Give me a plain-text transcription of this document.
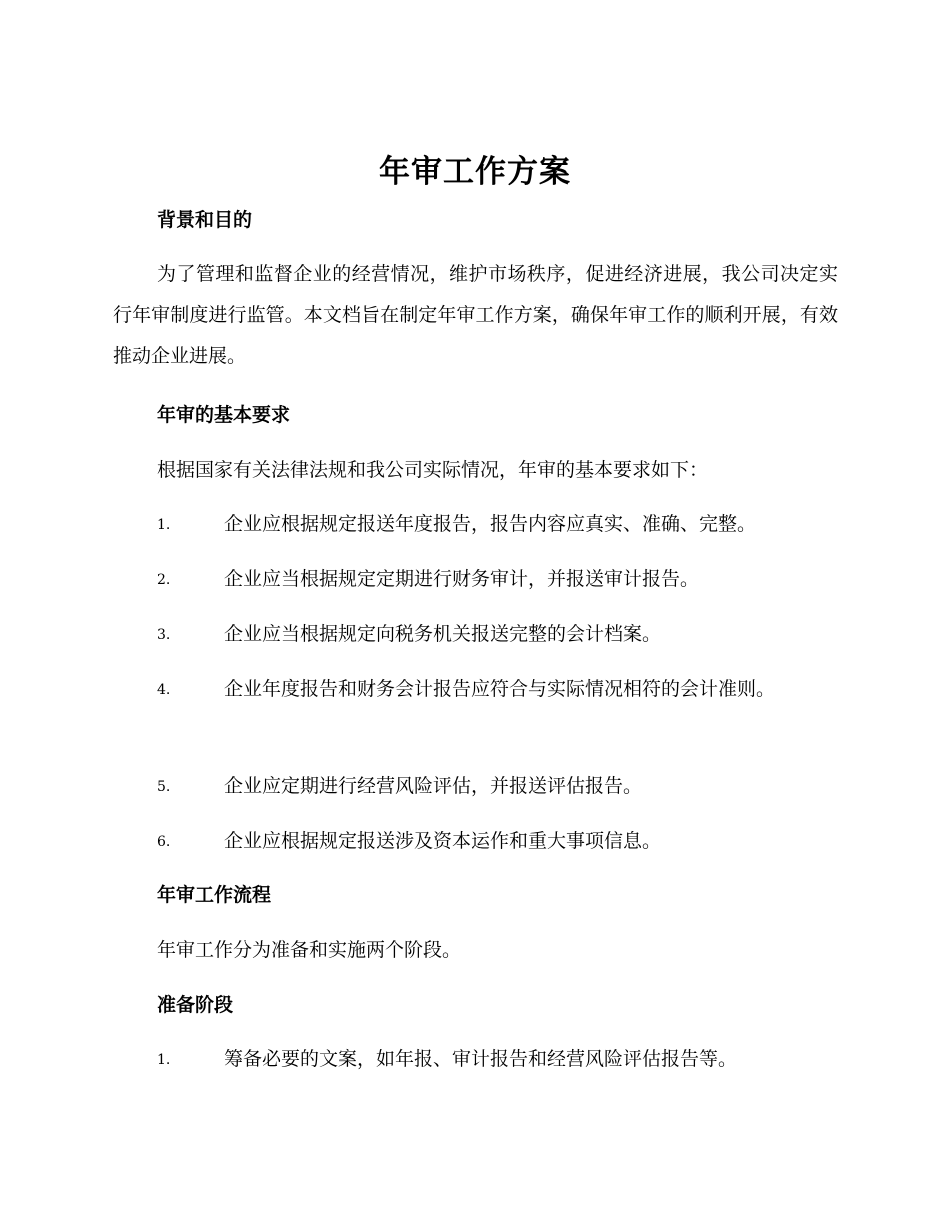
年审工作方案
背景和目的
为了管理和监督企业的经营情况，维护市场秩序，促进经济进展，我公司决定实行年审制度进行监管。本文档旨在制定年审工作方案，确保年审工作的顺利开展，有效推动企业进展。
年审的基本要求
根据国家有关法律法规和我公司实际情况，年审的基本要求如下：
1.	企业应根据规定报送年度报告，报告内容应真实、准确、完整。
2.	企业应当根据规定定期进行财务审计，并报送审计报告。
3.	企业应当根据规定向税务机关报送完整的会计档案。
4.	企业年度报告和财务会计报告应符合与实际情况相符的会计准则。
5.	企业应定期进行经营风险评估，并报送评估报告。
6.	企业应根据规定报送涉及资本运作和重大事项信息。
年审工作流程
年审工作分为准备和实施两个阶段。
准备阶段
1.	筹备必要的文案，如年报、审计报告和经营风险评估报告等。
